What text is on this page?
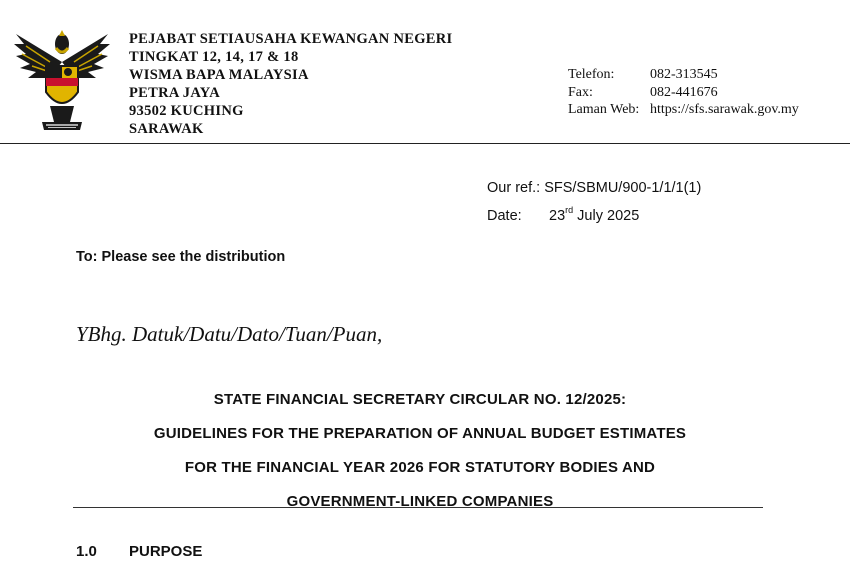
PEJABAT SETIAUSAHA KEWANGAN NEGERI
TINGKAT 12, 14, 17 & 18
WISMA BAPA MALAYSIA
PETRA JAYA
93502 KUCHING
SARAWAK
Telefon:	082-313545
Fax:	082-441676
Laman Web: https://sfs.sarawak.gov.my
Our ref.: SFS/SBMU/900-1/1/1(1)
Date:	23rd July 2025
To: Please see the distribution
YBhg. Datuk/Datu/Dato/Tuan/Puan,
STATE FINANCIAL SECRETARY CIRCULAR NO. 12/2025:
GUIDELINES FOR THE PREPARATION OF ANNUAL BUDGET ESTIMATES
FOR THE FINANCIAL YEAR 2026 FOR STATUTORY BODIES AND
GOVERNMENT-LINKED COMPANIES
1.0	PURPOSE
